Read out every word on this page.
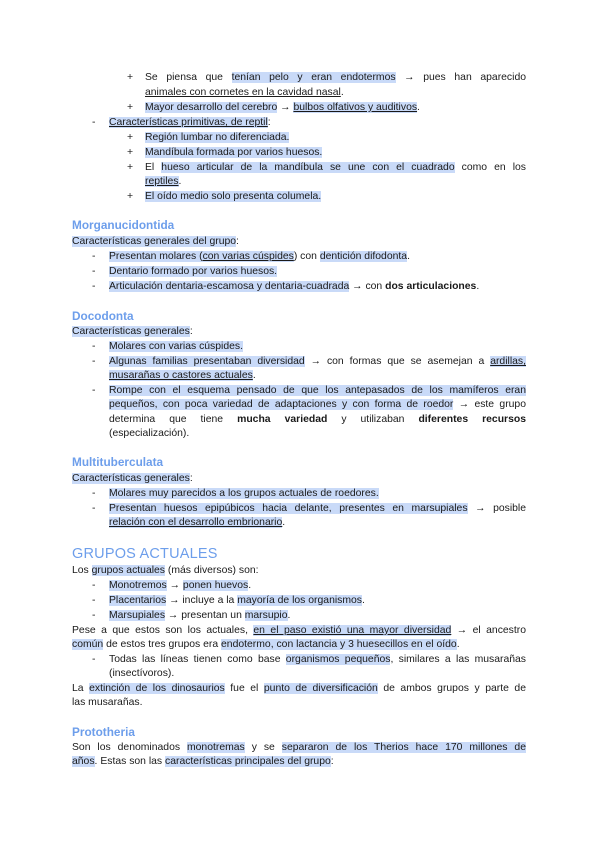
+ Se piensa que tenían pelo y eran endotermos → pues han aparecido
animales con cornetes en la cavidad nasal.
+ Mayor desarrollo del cerebro → bulbos olfativos y auditivos.
- Características primitivas, de reptil:
+ Región lumbar no diferenciada.
+ Mandíbula formada por varios huesos.
+ El hueso articular de la mandíbula se une con el cuadrado como en los
reptiles.
+ El oído medio solo presenta columela.
Morganucidontida
Características generales del grupo:
- Presentan molares (con varias cúspides) con dentición difodonta.
- Dentario formado por varios huesos.
- Articulación dentaria-escamosa y dentaria-cuadrada → con dos articulaciones.
Docodonta
Características generales:
- Molares con varias cúspides.
- Algunas familias presentaban diversidad → con formas que se asemejan a ardillas,
musarañas o castores actuales.
- Rompe con el esquema pensado de que los antepasados de los mamíferos eran
pequeños, con poca variedad de adaptaciones y con forma de roedor → este grupo
determina que tiene mucha variedad y utilizaban diferentes recursos
(especialización).
Multituberculata
Características generales:
- Molares muy parecidos a los grupos actuales de roedores.
- Presentan huesos epipúbicos hacia delante, presentes en marsupiales → posible
relación con el desarrollo embrionario.
GRUPOS ACTUALES
Los grupos actuales (más diversos) son:
- Monotremos → ponen huevos.
- Placentarios → incluye a la mayoría de los organismos.
- Marsupiales → presentan un marsupio.
Pese a que estos son los actuales, en el paso existió una mayor diversidad → el ancestro
común de estos tres grupos era endotermo, con lactancia y 3 huesecillos en el oído.
- Todas las líneas tienen como base organismos pequeños, similares a las musarañas
(insectívoros).
La extinción de los dinosaurios fue el punto de diversificación de ambos grupos y parte de
las musarañas.
Prototheria
Son los denominados monotremas y se separaron de los Therios hace 170 millones de
años. Estas son las características principales del grupo:
